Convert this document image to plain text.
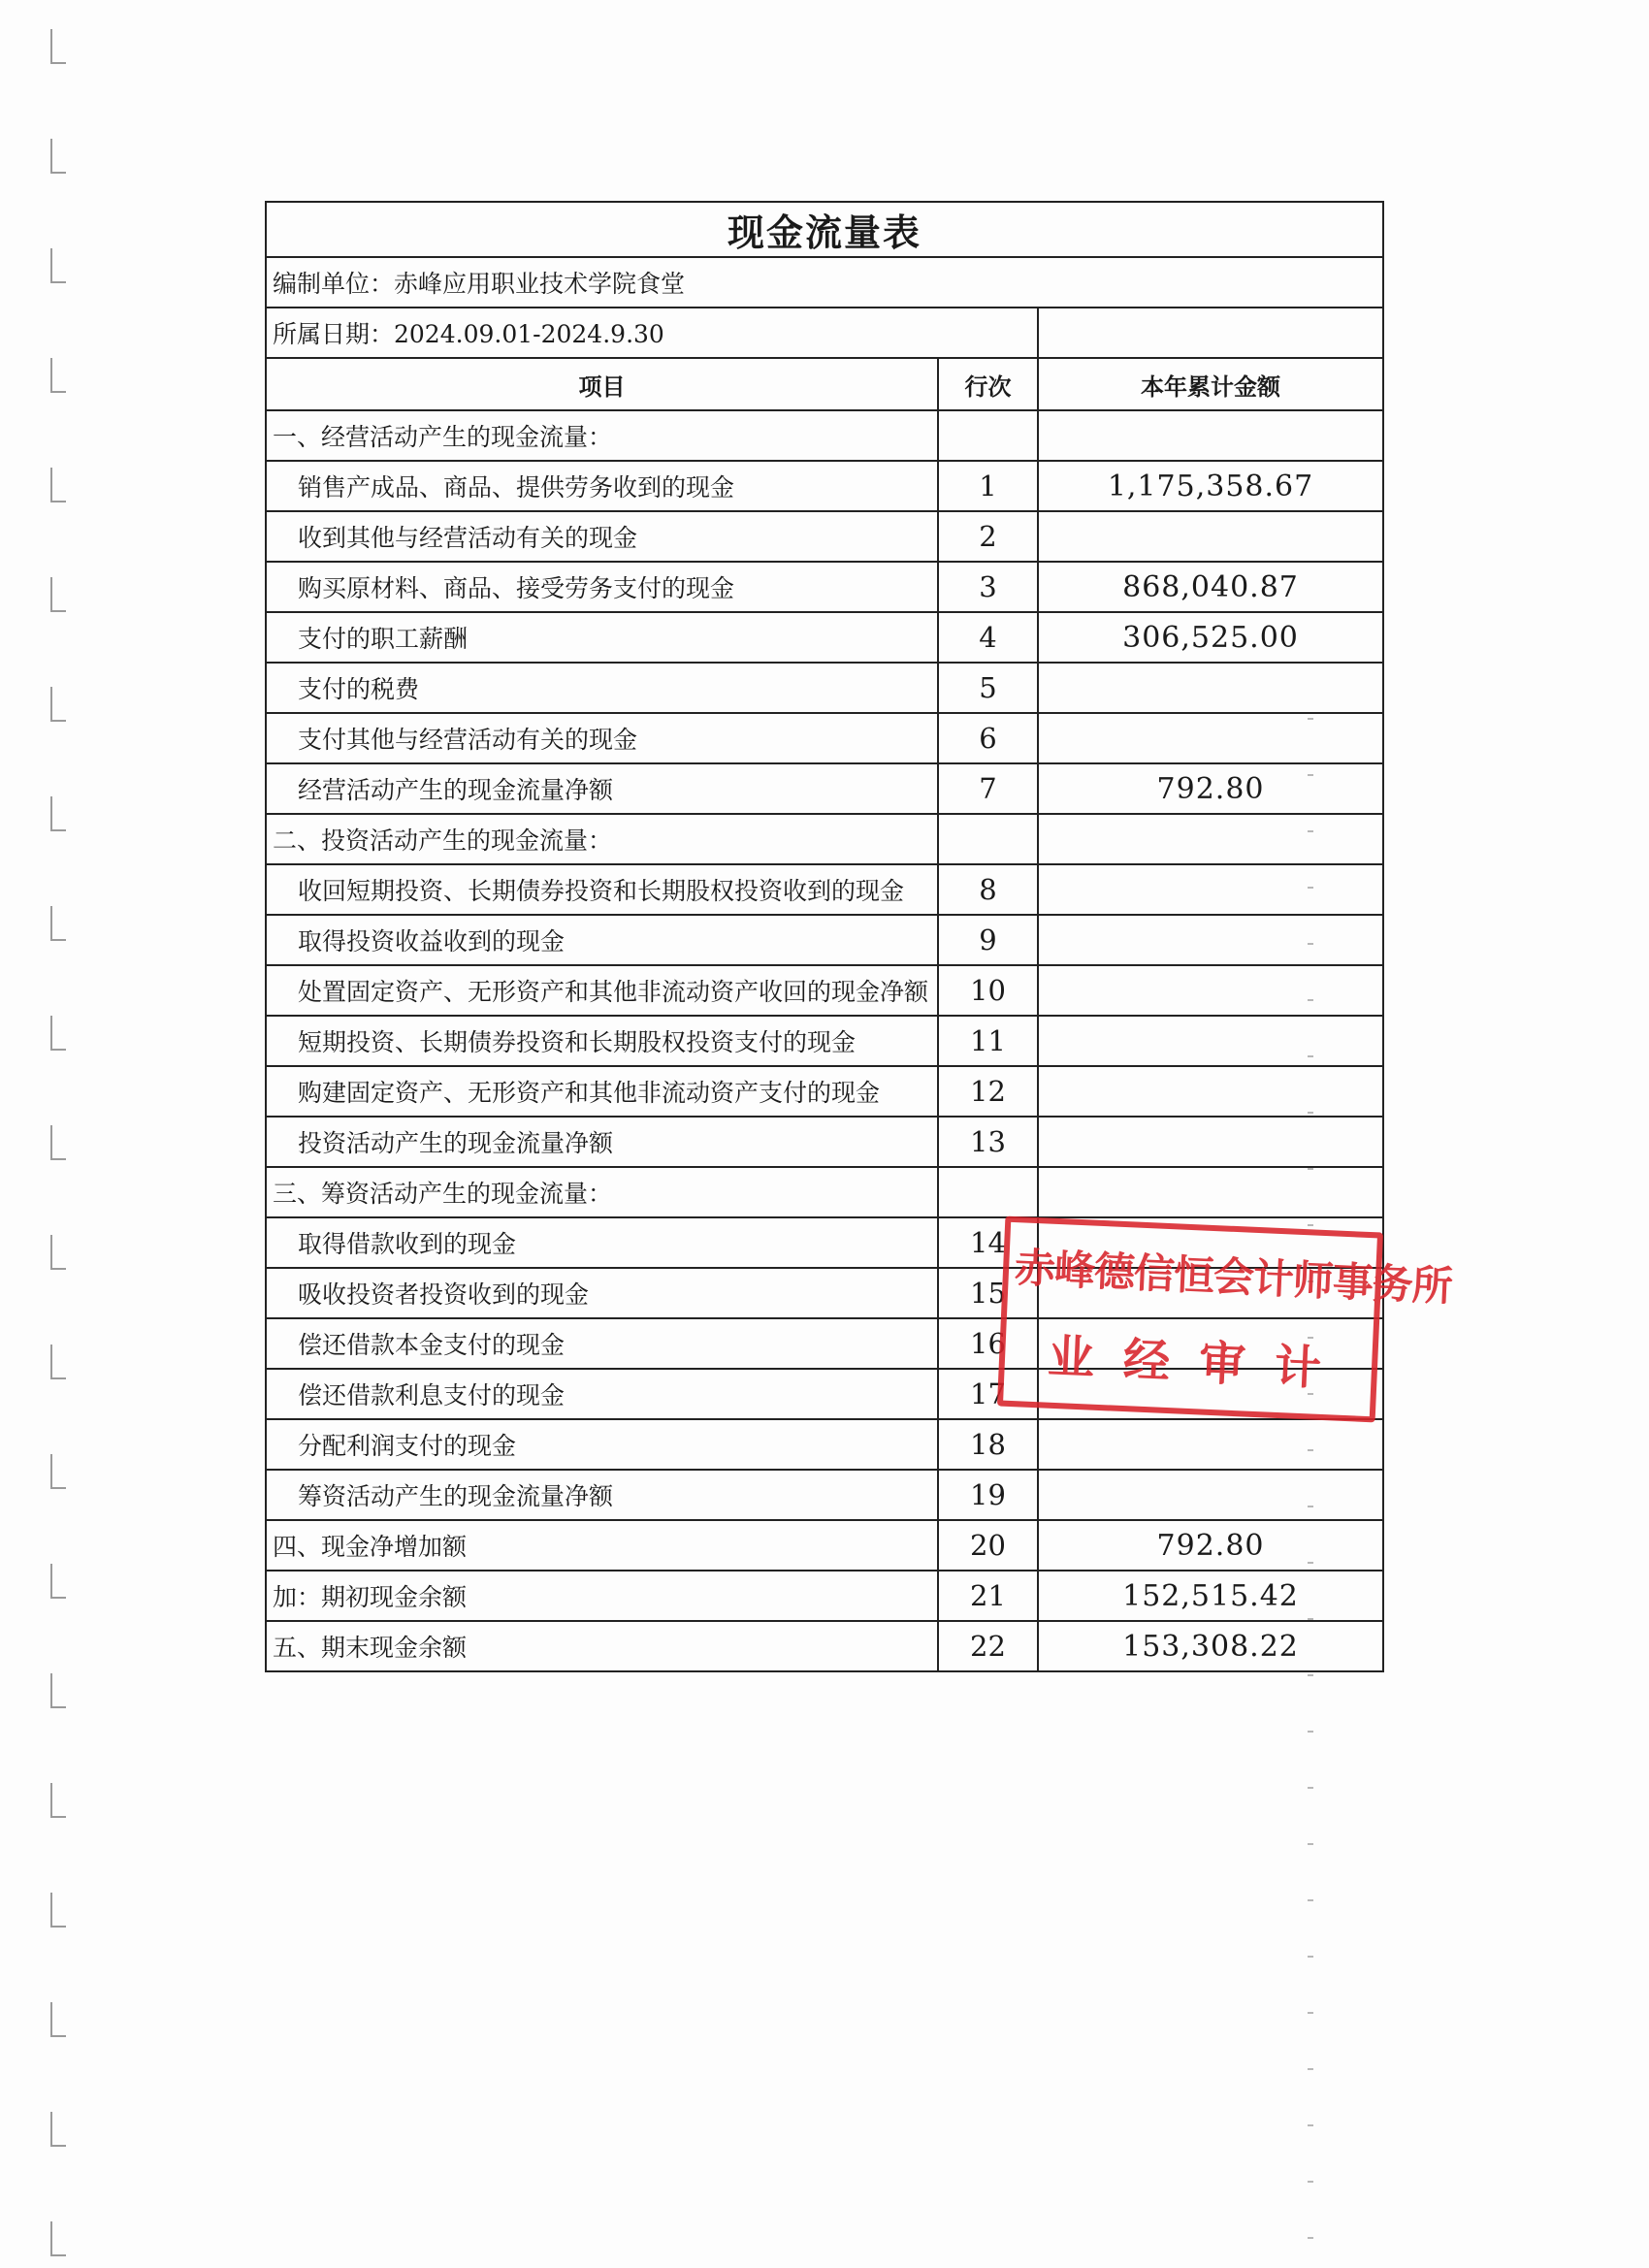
现金流量表		
编制单位：赤峰应用职业技术学院食堂		
所属日期：2024.09.01-2024.9.30		
项目	行次	本年累计金额
一、经营活动产生的现金流量：		
销售产成品、商品、提供劳务收到的现金	1	1,175,358.67
收到其他与经营活动有关的现金	2	
购买原材料、商品、接受劳务支付的现金	3	868,040.87
支付的职工薪酬	4	306,525.00
支付的税费	5	
支付其他与经营活动有关的现金	6	
经营活动产生的现金流量净额	7	792.80
二、投资活动产生的现金流量：		
收回短期投资、长期债券投资和长期股权投资收到的现金	8	
取得投资收益收到的现金	9	
处置固定资产、无形资产和其他非流动资产收回的现金净额	10	
短期投资、长期债券投资和长期股权投资支付的现金	11	
购建固定资产、无形资产和其他非流动资产支付的现金	12	
投资活动产生的现金流量净额	13	
三、筹资活动产生的现金流量：		
取得借款收到的现金	14	
吸收投资者投资收到的现金	15	
偿还借款本金支付的现金	16	
偿还借款利息支付的现金	17	
分配利润支付的现金	18	
筹资活动产生的现金流量净额	19	
四、现金净增加额	20	792.80
加：期初现金余额	21	152,515.42
五、期末现金余额	22	153,308.22
赤峰德信恒会计师事务所
业经审计
